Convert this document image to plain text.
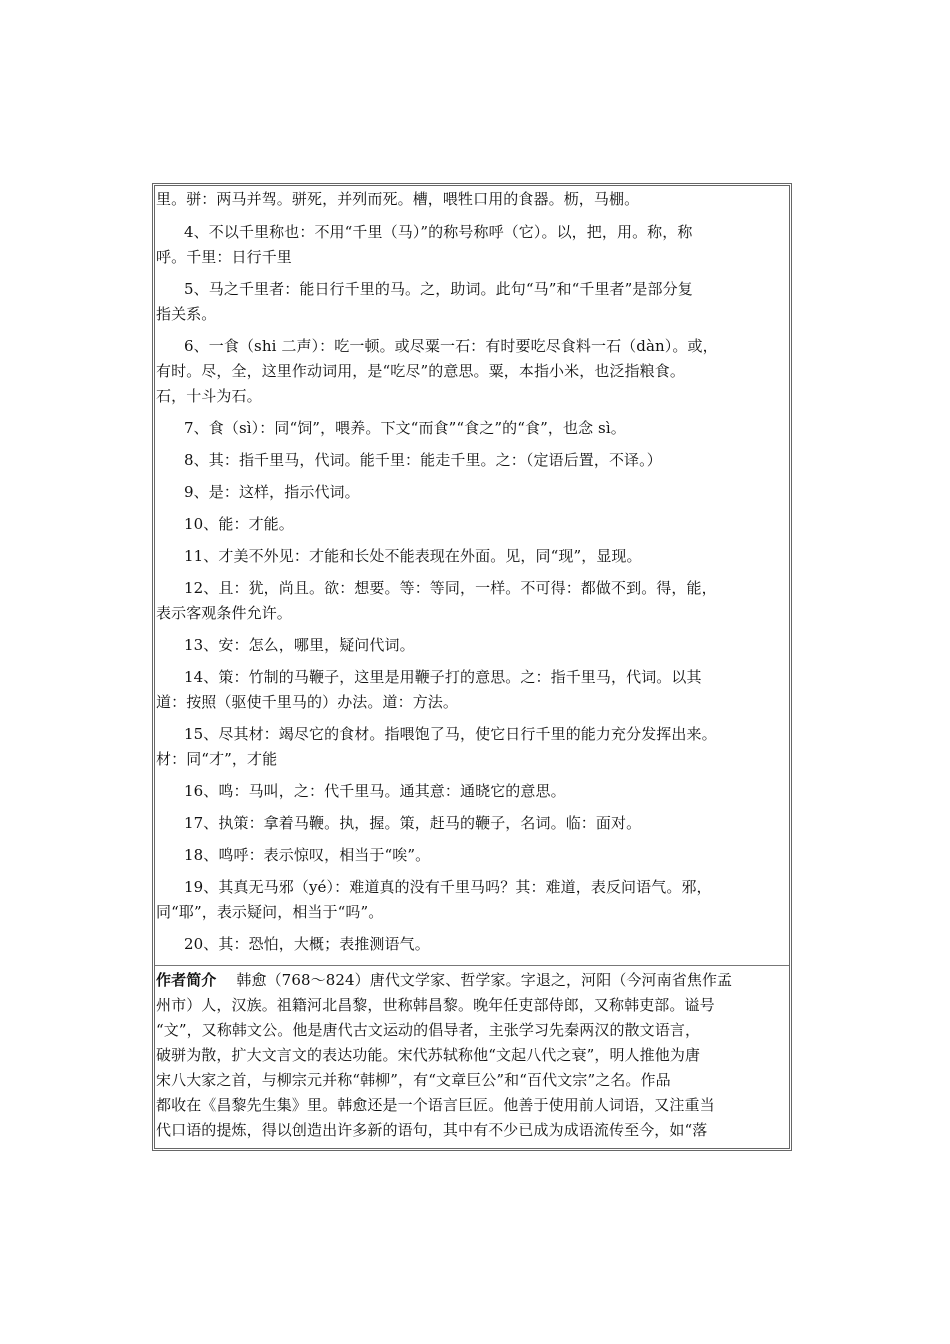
里。骈：两马并驾。骈死，并列而死。槽，喂牲口用的食器。枥，马棚。
4、不以千里称也：不用“千里（马）”的称号称呼（它）。以，把，用。称，称
呼。千里：日行千里
5、马之千里者：能日行千里的马。之，助词。此句“马”和“千里者”是部分复
指关系。
6、一食（shi 二声）：吃一顿。或尽粟一石：有时要吃尽食料一石（dàn）。或，
有时。尽，全，这里作动词用，是“吃尽”的意思。粟，本指小米，也泛指粮食。
石，十斗为石。
7、食（sì）：同“饲”，喂养。下文“而食”“食之”的“食”，也念 sì。
8、其：指千里马，代词。能千里：能走千里。之：（定语后置，不译。）
9、是：这样，指示代词。
10、能：才能。
11、才美不外见：才能和长处不能表现在外面。见，同“现”，显现。
12、且：犹，尚且。欲：想要。等：等同，一样。不可得：都做不到。得，能，
表示客观条件允许。
13、安：怎么，哪里，疑问代词。
14、策：竹制的马鞭子，这里是用鞭子打的意思。之：指千里马，代词。以其
道：按照（驱使千里马的）办法。道：方法。
15、尽其材：竭尽它的食材。指喂饱了马，使它日行千里的能力充分发挥出来。
材：同“才”，才能
16、鸣：马叫，之：代千里马。通其意：通晓它的意思。
17、执策：拿着马鞭。执，握。策，赶马的鞭子，名词。临：面对。
18、鸣呼：表示惊叹，相当于“唉”。
19、其真无马邪（yé）：难道真的没有千里马吗？其：难道，表反问语气。邪，
同“耶”，表示疑问，相当于“吗”。
20、其：恐怕，大概；表推测语气。
作者简介　 韩愈（768～824）唐代文学家、哲学家。字退之，河阳（今河南省焦作孟
州市）人，汉族。祖籍河北昌黎，世称韩昌黎。晚年任吏部侍郎，又称韩吏部。谥号
“文”，又称韩文公。他是唐代古文运动的倡导者，主张学习先秦两汉的散文语言，
破骈为散，扩大文言文的表达功能。宋代苏轼称他“文起八代之衰”，明人推他为唐
宋八大家之首，与柳宗元并称“韩柳”，有“文章巨公”和“百代文宗”之名。作品
都收在《昌黎先生集》里。韩愈还是一个语言巨匠。他善于使用前人词语，又注重当
代口语的提炼，得以创造出许多新的语句，其中有不少已成为成语流传至今，如“落
